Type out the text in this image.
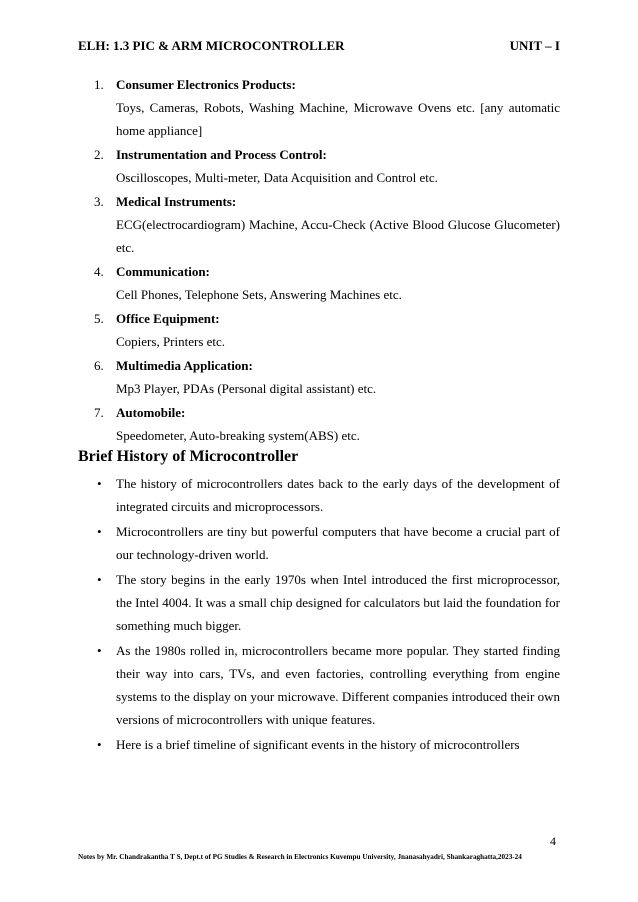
ELH: 1.3 PIC & ARM MICROCONTROLLER	UNIT – I
1. Consumer Electronics Products:
Toys, Cameras, Robots, Washing Machine, Microwave Ovens etc. [any automatic home appliance]
2. Instrumentation and Process Control:
Oscilloscopes, Multi-meter, Data Acquisition and Control etc.
3. Medical Instruments:
ECG(electrocardiogram) Machine, Accu-Check (Active Blood Glucose Glucometer) etc.
4. Communication:
Cell Phones, Telephone Sets, Answering Machines etc.
5. Office Equipment:
Copiers, Printers etc.
6. Multimedia Application:
Mp3 Player, PDAs (Personal digital assistant) etc.
7. Automobile:
Speedometer, Auto-breaking system(ABS) etc.
Brief History of Microcontroller
•	The history of microcontrollers dates back to the early days of the development of integrated circuits and microprocessors.
•	Microcontrollers are tiny but powerful computers that have become a crucial part of our technology-driven world.
•	The story begins in the early 1970s when Intel introduced the first microprocessor, the Intel 4004. It was a small chip designed for calculators but laid the foundation for something much bigger.
•	As the 1980s rolled in, microcontrollers became more popular. They started finding their way into cars, TVs, and even factories, controlling everything from engine systems to the display on your microwave. Different companies introduced their own versions of microcontrollers with unique features.
•	Here is a brief timeline of significant events in the history of microcontrollers
4
Notes by Mr. Chandrakantha T S, Dept.t of PG Studies & Research in Electronics Kuvempu University, Jnanasahyadri, Shankaraghatta,2023-24
